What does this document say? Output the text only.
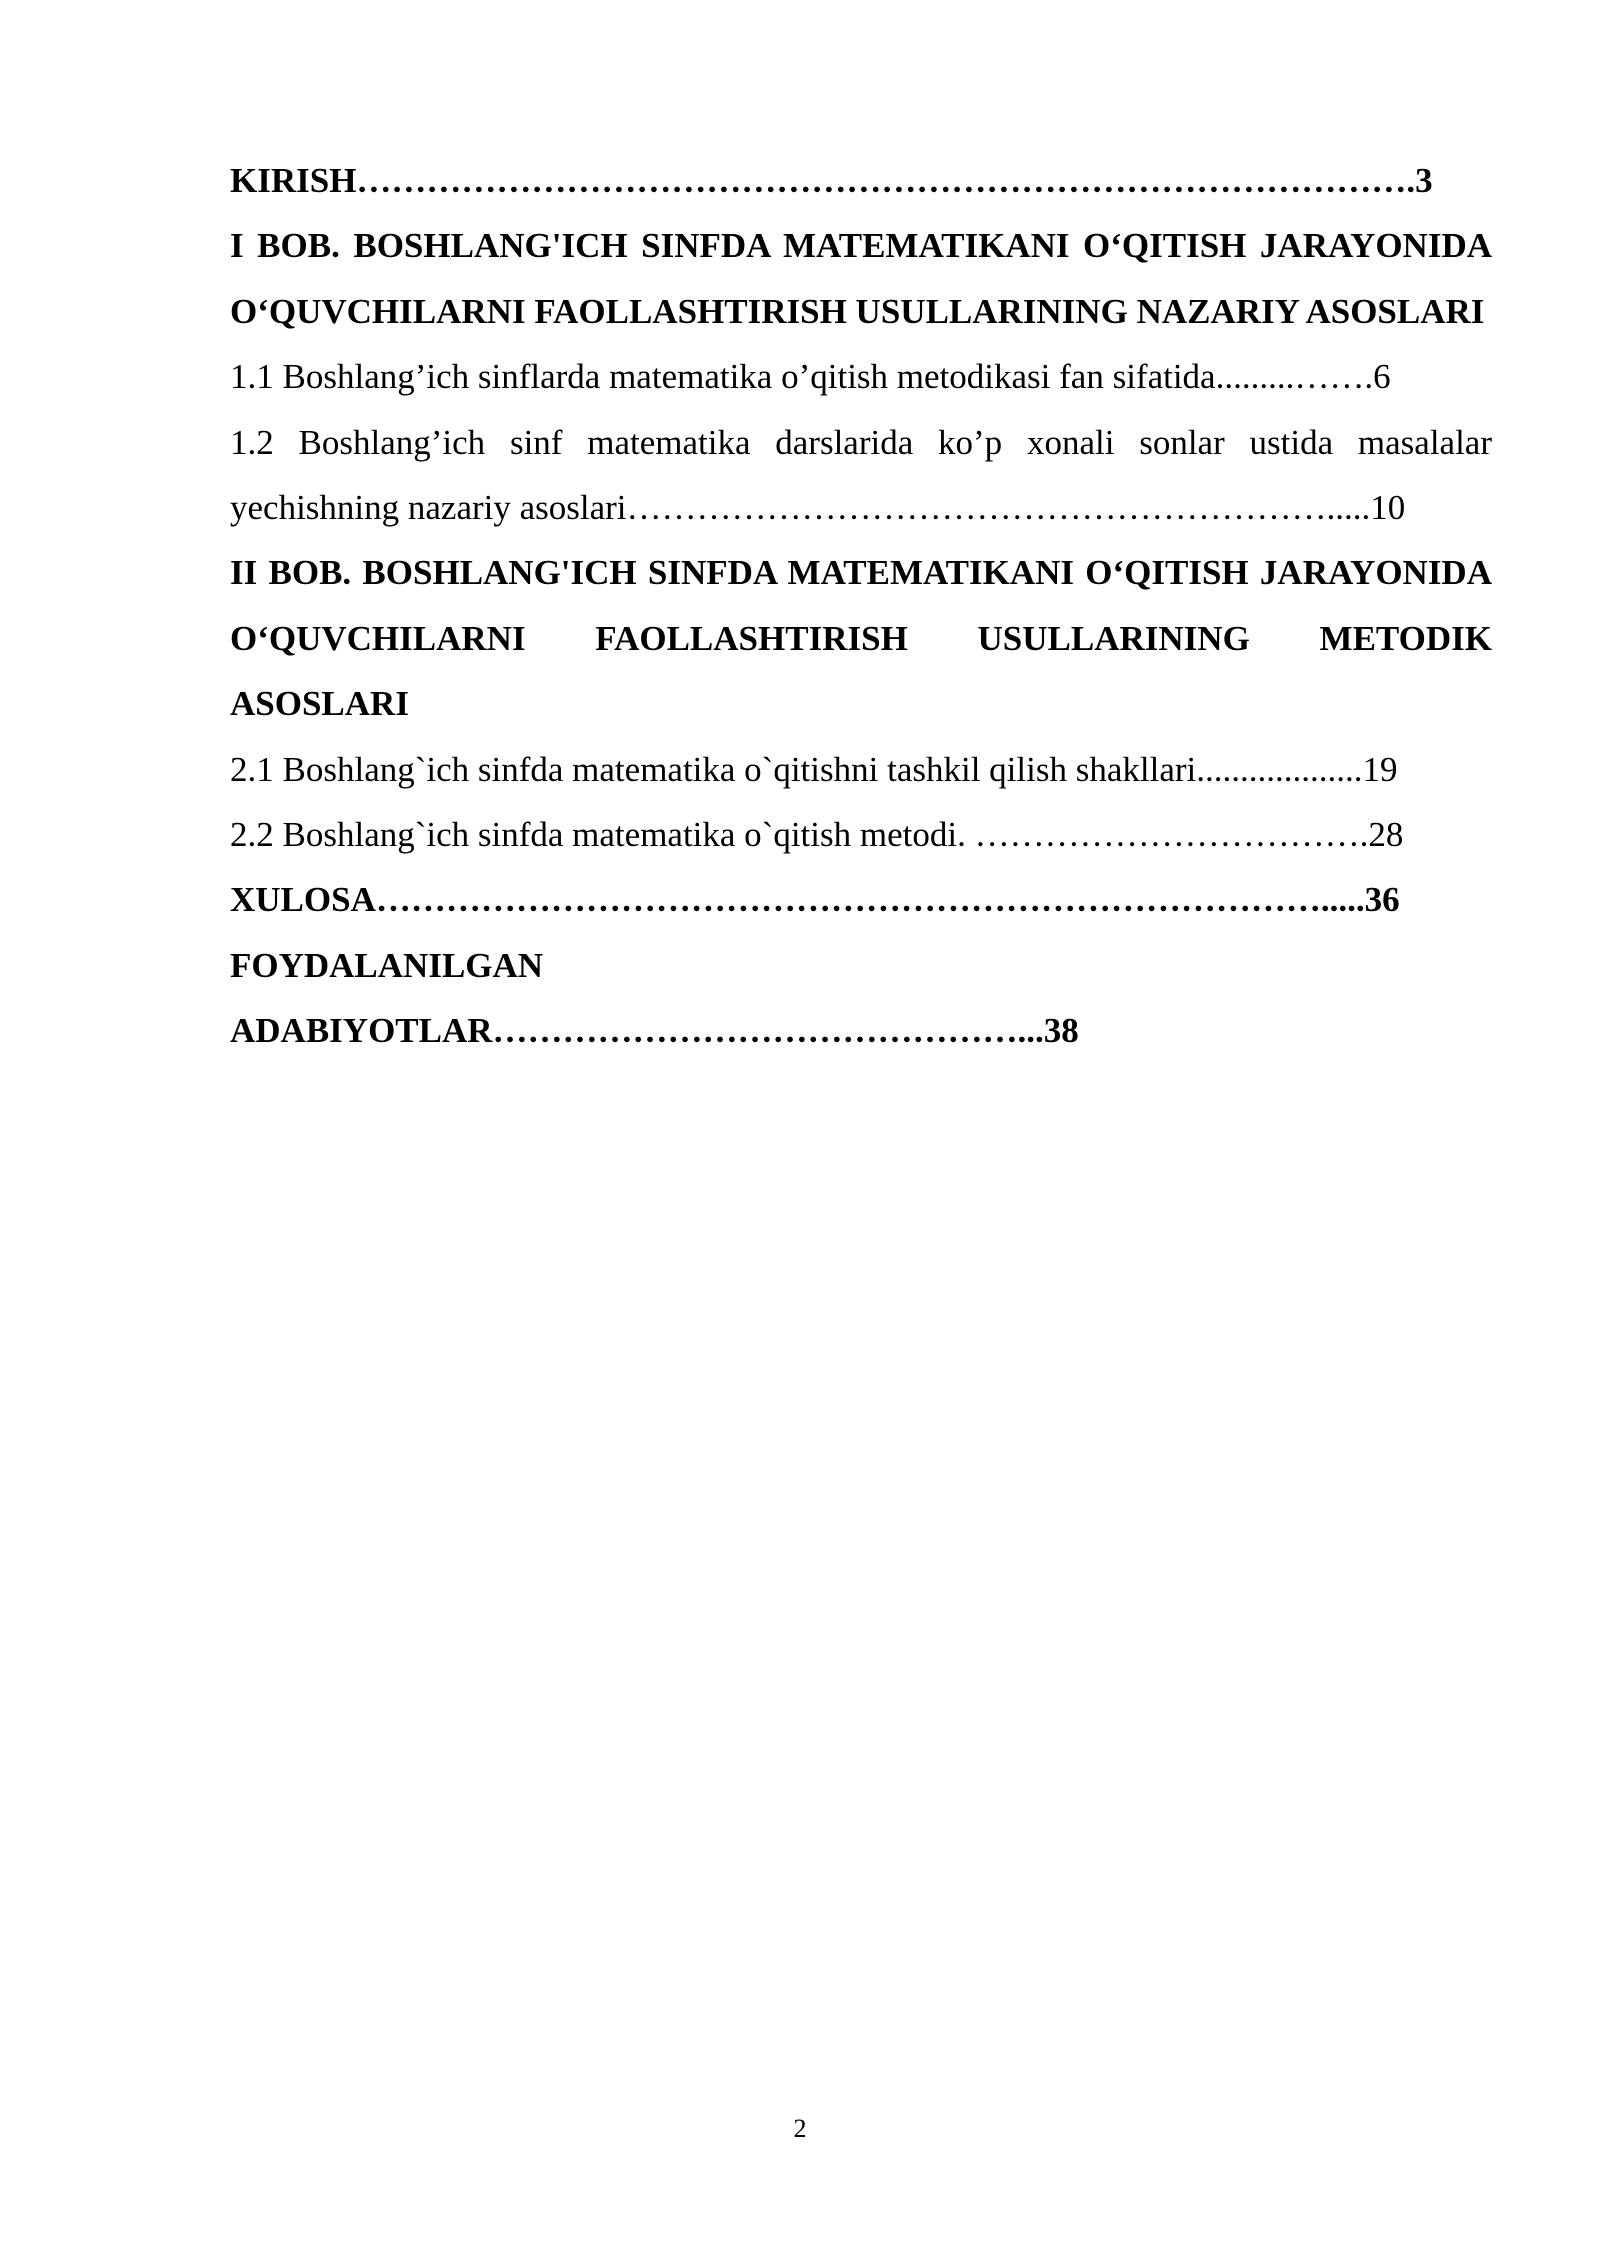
KIRISH……………………………………………………………………………….3

I BOB. BOSHLANG'ICH SINFDA MATEMATIKANI O‘QITISH JARAYONIDA O‘QUVCHILARNI FAOLLASHTIRISH USULLARINING NAZARIY ASOSLARI

1.1 Boshlang’ich sinflarda matematika o’qitish metodikasi fan sifatida.........…….6

1.2 Boshlang’ich sinf matematika darslarida ko’p xonali sonlar ustida masalalar yechishning nazariy asoslari…………………………………………………….....10

II BOB. BOSHLANG'ICH SINFDA MATEMATIKANI O‘QITISH JARAYONIDA O‘QUVCHILARNI FAOLLASHTIRISH USULLARINING METODIK ASOSLARI

2.1 Boshlang`ich sinfda matematika o`qitishni tashkil qilish shakllari...................19

2.2 Boshlang`ich sinfda matematika o`qitish metodi. …………………………….28

XULOSA……………………………………………………………………….....36

FOYDALANILGAN

ADABIYOTLAR………………………………………...38

2
